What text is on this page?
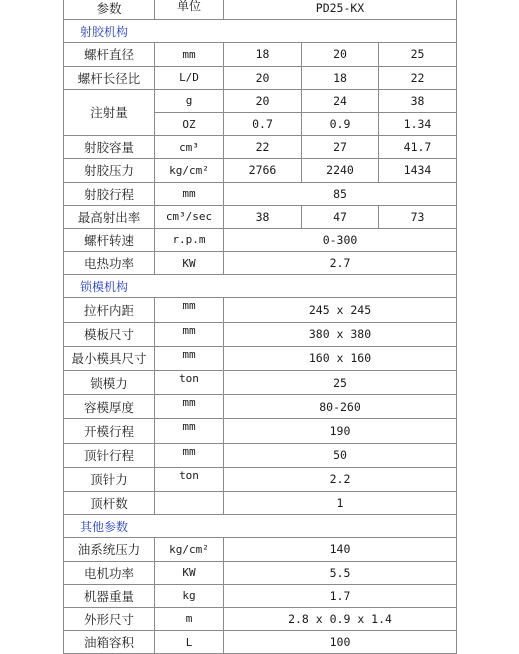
参数	单位	PD25-KX		
射胶机构				
螺杆直径	mm	18	20	25
螺杆长径比	L/D	20	18	22
注射量	g	20	24	38
	OZ	0.7	0.9	1.34
射胶容量	cm³	22	27	41.7
射胶压力	kg/cm²	2766	2240	1434
射胶行程	mm	85		
最高射出率	cm³/sec	38	47	73
螺杆转速	r.p.m	0-300		
电热功率	KW	2.7		
锁模机构				
拉杆内距	mm	245 x 245		
模板尺寸	mm	380 x 380		
最小模具尺寸	mm	160 x 160		
锁模力	ton	25		
容模厚度	mm	80-260		
开模行程	mm	190		
顶针行程	mm	50		
顶针力	ton	2.2		
顶杆数		1		
其他参数				
油系统压力	kg/cm²	140		
电机功率	KW	5.5		
机器重量	kg	1.7		
外形尺寸	m	2.8 x 0.9 x 1.4		
油箱容积	L	100		
